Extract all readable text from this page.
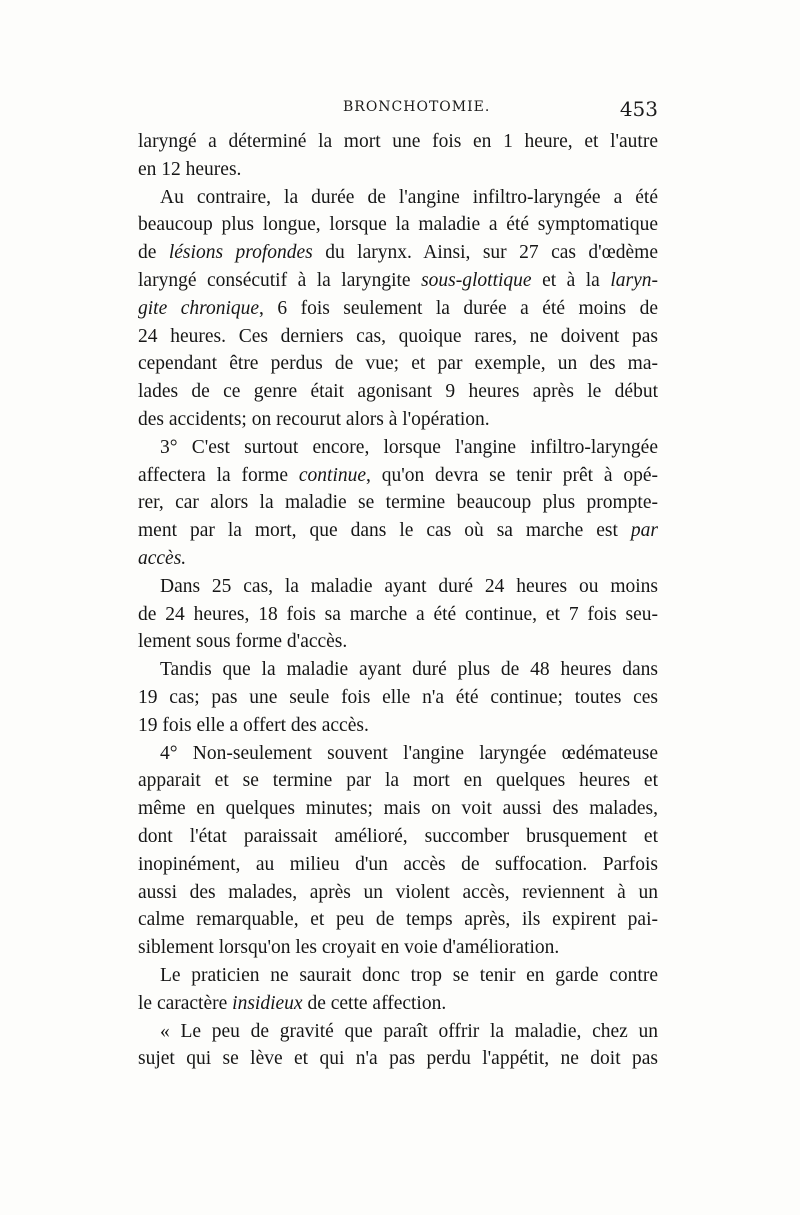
BRONCHOTOMIE.	453
laryngé a déterminé la mort une fois en 1 heure, et l'autre
en 12 heures.
Au contraire, la durée de l'angine infiltro-laryngée a été
beaucoup plus longue, lorsque la maladie a été symptomatique
de lésions profondes du larynx. Ainsi, sur 27 cas d'œdème
laryngé consécutif à la laryngite sous-glottique et à la laryn-
gite chronique, 6 fois seulement la durée a été moins de
24 heures. Ces derniers cas, quoique rares, ne doivent pas
cependant être perdus de vue; et par exemple, un des ma-
lades de ce genre était agonisant 9 heures après le début
des accidents; on recourut alors à l'opération.
3° C'est surtout encore, lorsque l'angine infiltro-laryngée
affectera la forme continue, qu'on devra se tenir prêt à opé-
rer, car alors la maladie se termine beaucoup plus prompte-
ment par la mort, que dans le cas où sa marche est par
accès.
Dans 25 cas, la maladie ayant duré 24 heures ou moins
de 24 heures, 18 fois sa marche a été continue, et 7 fois seu-
lement sous forme d'accès.
Tandis que la maladie ayant duré plus de 48 heures dans
19 cas; pas une seule fois elle n'a été continue; toutes ces
19 fois elle a offert des accès.
4° Non-seulement souvent l'angine laryngée œdémateuse
apparait et se termine par la mort en quelques heures et
même en quelques minutes; mais on voit aussi des malades,
dont l'état paraissait amélioré, succomber brusquement et
inopinément, au milieu d'un accès de suffocation. Parfois
aussi des malades, après un violent accès, reviennent à un
calme remarquable, et peu de temps après, ils expirent pai-
siblement lorsqu'on les croyait en voie d'amélioration.
Le praticien ne saurait donc trop se tenir en garde contre
le caractère insidieux de cette affection.
« Le peu de gravité que paraît offrir la maladie, chez un
sujet qui se lève et qui n'a pas perdu l'appétit, ne doit pas
